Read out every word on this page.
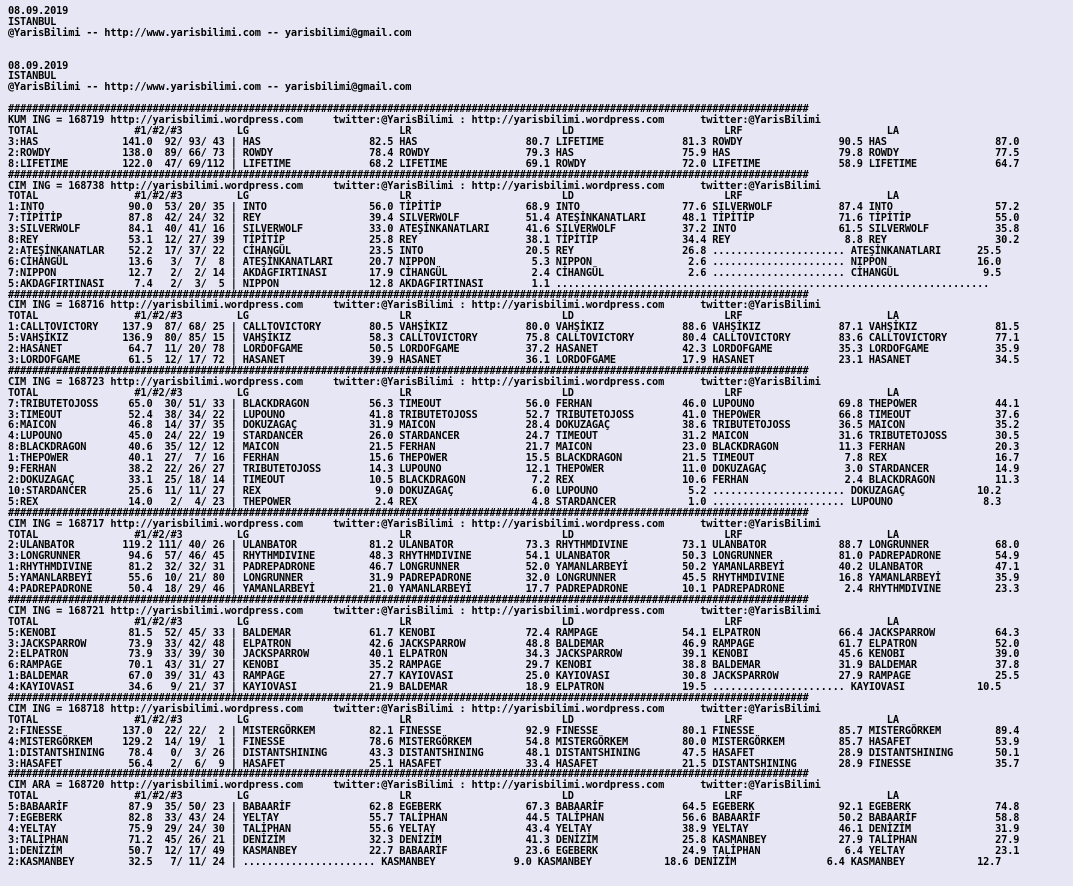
08.09.2019
ISTANBUL
@YarisBilimi -- http://www.yarisbilimi.com -- yarisbilimi@gmail.com

08.09.2019
ISTANBUL
@YarisBilimi -- http://www.yarisbilimi.com -- yarisbilimi@gmail.com

#####################################################################################################################################
KUM ING = 168719 http://yarisbilimi.wordpress.com     twitter:@YarisBilimi : http://yarisbilimi.wordpress.com      twitter:@YarisBilimi
TOTAL                #1/#2/#3         LG                         LR                         LD                         LRF                        LA
3:HAS              141.0  92/ 93/ 43 | HAS                  82.5 HAS                  80.7 LIFETIME             81.3 ROWDY                90.5 HAS                  87.0
2:ROWDY            138.0  89/ 66/ 73 | ROWDY                78.4 ROWDY                79.3 HAS                  75.9 HAS                  79.8 ROWDY                77.5
8:LIFETIME         122.0  47/ 69/112 | LIFETIME             68.2 LIFETIME             69.1 ROWDY                72.0 LIFETIME             58.9 LIFETIME             64.7
#####################################################################################################################################
CIM ING = 168738 http://yarisbilimi.wordpress.com     twitter:@YarisBilimi : http://yarisbilimi.wordpress.com      twitter:@YarisBilimi
TOTAL                #1/#2/#3         LG                         LR                         LD                         LRF                        LA
1:INTO              90.0  53/ 20/ 35 | INTO                 56.0 TİPİTİP              68.9 INTO                 77.6 SILVERWOLF           87.4 INTO                 57.2
7:TİPİTİP           87.8  42/ 24/ 32 | REY                  39.4 SILVERWOLF           51.4 ATEŞİNKANATLARI      48.1 TİPİTİP              71.6 TİPİTİP              55.0
3:SILVERWOLF        84.1  40/ 41/ 16 | SILVERWOLF           33.0 ATEŞİNKANATLARI      41.6 SILVERWOLF           37.2 INTO                 61.5 SILVERWOLF           35.8
8:REY               53.1  12/ 27/ 39 | TİPİTİP              25.8 REY                  38.1 TİPİTİP              34.4 REY                   8.8 REY                  30.2
2:ATEŞİNKANATLAR    52.2  17/ 37/ 22 | CİHANGÜL             23.5 INTO                 20.5 REY                  26.8 ...................... ATEŞİNKANATLARI      25.5
6:CİHANGÜL          13.6   3/  7/  8 | ATEŞİNKANATLARI      20.7 NIPPON                5.3 NIPPON                2.6 ...................... NIPPON               16.0
7:NIPPON            12.7   2/  2/ 14 | AKDAGFIRTINASI       17.9 CİHANGÜL              2.4 CİHANGÜL              2.6 ...................... CİHANGÜL              9.5
5:AKDAGFIRTINASI     7.4   2/  3/  5 | NIPPON               12.8 AKDAGFIRTINASI        1.1 ........................................................................
#####################################################################################################################################
CIM ING = 168716 http://yarisbilimi.wordpress.com     twitter:@YarisBilimi : http://yarisbilimi.wordpress.com      twitter:@YarisBilimi
TOTAL                #1/#2/#3         LG                         LR                         LD                         LRF                        LA
1:CALLTOVICTORY    137.9  87/ 68/ 25 | CALLTOVICTORY        80.5 VAHŞİKIZ             80.0 VAHŞİKIZ             88.6 VAHŞİKIZ             87.1 VAHŞİKIZ             81.5
5:VAHŞİKIZ         136.9  80/ 85/ 15 | VAHŞİKIZ             58.3 CALLTOVICTORY        75.8 CALLTOVICTORY        80.4 CALLTOVICTORY        83.6 CALLTOVICTORY        77.1
2:HASANET           64.7  11/ 20/ 78 | LORDOFGAME           50.5 LORDOFGAME           37.2 HASANET              42.3 LORDOFGAME           35.3 LORDOFGAME           35.9
3:LORDOFGAME        61.5  12/ 17/ 72 | HASANET              39.9 HASANET              36.1 LORDOFGAME           17.9 HASANET              23.1 HASANET              34.5
#####################################################################################################################################
CIM ING = 168723 http://yarisbilimi.wordpress.com     twitter:@YarisBilimi : http://yarisbilimi.wordpress.com      twitter:@YarisBilimi
TOTAL                #1/#2/#3         LG                         LR                         LD                         LRF                        LA
7:TRIBUTETOJOSS     65.0  30/ 51/ 33 | BLACKDRAGON          56.3 TIMEOUT              56.0 FERHAN               46.0 LUPOUNO              69.8 THEPOWER             44.1
3:TIMEOUT           52.4  38/ 34/ 22 | LUPOUNO              41.8 TRIBUTETOJOSS        52.7 TRIBUTETOJOSS        41.0 THEPOWER             66.8 TIMEOUT              37.6
6:MAICON            46.8  14/ 37/ 35 | DOKUZAGAÇ            31.9 MAICON               28.4 DOKUZAGAÇ            38.6 TRIBUTETOJOSS        36.5 MAICON               35.2
4:LUPOUNO           45.0  24/ 22/ 19 | STARDANCER           26.0 STARDANCER           24.7 TIMEOUT              31.2 MAICON               31.6 TRIBUTETOJOSS        30.5
8:BLACKDRAGON       40.6  35/ 12/ 12 | MAICON               21.5 FERHAN               21.7 MAICON               23.0 BLACKDRAGON          11.3 FERHAN               20.3
1:THEPOWER          40.1  27/  7/ 16 | FERHAN               15.6 THEPOWER             15.5 BLACKDRAGON          21.5 TIMEOUT               7.8 REX                  16.7
9:FERHAN            38.2  22/ 26/ 27 | TRIBUTETOJOSS        14.3 LUPOUNO              12.1 THEPOWER             11.0 DOKUZAGAÇ             3.0 STARDANCER           14.9
2:DOKUZAGAÇ         33.1  25/ 18/ 14 | TIMEOUT              10.5 BLACKDRAGON           7.2 REX                  10.6 FERHAN                2.4 BLACKDRAGON          11.3
10:STARDANCER       25.6  11/ 11/ 27 | REX                   9.0 DOKUZAGAÇ             6.0 LUPOUNO               5.2 ...................... DOKUZAGAÇ            10.2
5:REX               14.0   2/  4/ 23 | THEPOWER              2.4 REX                   4.8 STARDANCER            1.0 ...................... LUPOUNO               8.3
#####################################################################################################################################
CIM ING = 168717 http://yarisbilimi.wordpress.com     twitter:@YarisBilimi : http://yarisbilimi.wordpress.com      twitter:@YarisBilimi
TOTAL                #1/#2/#3         LG                         LR                         LD                         LRF                        LA
2:ULANBATOR        119.2 111/ 40/ 26 | ULANBATOR            81.2 ULANBATOR            73.3 RHYTHMDIVINE         73.1 ULANBATOR            88.7 LONGRUNNER           68.0
3:LONGRUNNER        94.6  57/ 46/ 45 | RHYTHMDIVINE         48.3 RHYTHMDIVINE         54.1 ULANBATOR            50.3 LONGRUNNER           81.0 PADREPADRONE         54.9
1:RHYTHMDIVINE      81.2  32/ 32/ 31 | PADREPADRONE         46.7 LONGRUNNER           52.0 YAMANLARBEYİ         50.2 YAMANLARBEYİ         40.2 ULANBATOR            47.1
5:YAMANLARBEYİ      55.6  10/ 21/ 80 | LONGRUNNER           31.9 PADREPADRONE         32.0 LONGRUNNER           45.5 RHYTHMDIVINE         16.8 YAMANLARBEYİ         35.9
4:PADREPADRONE      50.4  18/ 29/ 46 | YAMANLARBEYİ         21.0 YAMANLARBEYİ         17.7 PADREPADRONE         10.1 PADREPADRONE          2.4 RHYTHMDIVINE         23.3
#####################################################################################################################################
CIM ING = 168721 http://yarisbilimi.wordpress.com     twitter:@YarisBilimi : http://yarisbilimi.wordpress.com      twitter:@YarisBilimi
TOTAL                #1/#2/#3         LG                         LR                         LD                         LRF                        LA
5:KENOBI            81.5  52/ 45/ 33 | BALDEMAR             61.7 KENOBI               72.4 RAMPAGE              54.1 ELPATRON             66.4 JACKSPARROW          64.3
3:JACKSPARROW       73.9  33/ 42/ 48 | ELPATRON             42.6 JACKSPARROW          48.8 BALDEMAR             46.9 RAMPAGE              61.7 ELPATRON             52.0
2:ELPATRON          73.9  33/ 39/ 30 | JACKSPARROW          40.1 ELPATRON             34.3 JACKSPARROW          39.1 KENOBI               45.6 KENOBI               39.0
6:RAMPAGE           70.1  43/ 31/ 27 | KENOBI               35.2 RAMPAGE              29.7 KENOBI               38.8 BALDEMAR             31.9 BALDEMAR             37.8
1:BALDEMAR          67.0  39/ 31/ 43 | RAMPAGE              27.7 KAYIOVASI            25.0 KAYIOVASI            30.8 JACKSPARROW          27.9 RAMPAGE              25.5
4:KAYIOVASI         34.6   9/ 21/ 37 | KAYIOVASI            21.9 BALDEMAR             18.9 ELPATRON             19.5 ...................... KAYIOVASI            10.5
#####################################################################################################################################
CIM ING = 168718 http://yarisbilimi.wordpress.com     twitter:@YarisBilimi : http://yarisbilimi.wordpress.com      twitter:@YarisBilimi
TOTAL                #1/#2/#3         LG                         LR                         LD                         LRF                        LA
2:FINESSE          137.0  22/ 22/  2 | MISTERGÖRKEM         82.1 FINESSE              92.9 FINESSE              80.1 FINESSE              85.7 MISTERGÖRKEM         89.4
4:MISTERGÖRKEM     129.2  14/ 19/  1 | FINESSE              78.6 MISTERGÖRKEM         54.8 MISTERGÖRKEM         80.0 MISTERGÖRKEM         85.7 HASAFET              53.9
1:DISTANTSHINING    78.4   0/  3/ 26 | DISTANTSHINING       43.3 DISTANTSHINING       48.1 DISTANTSHINING       47.5 HASAFET              28.9 DISTANTSHINING       50.1
3:HASAFET           56.4   2/  6/  9 | HASAFET              25.1 HASAFET              33.4 HASAFET              21.5 DISTANTSHINING       28.9 FINESSE              35.7
#####################################################################################################################################
CIM ARA = 168720 http://yarisbilimi.wordpress.com     twitter:@YarisBilimi : http://yarisbilimi.wordpress.com      twitter:@YarisBilimi
TOTAL                #1/#2/#3         LG                         LR                         LD                         LRF                        LA
5:BABAARİF          87.9  35/ 50/ 23 | BABAARİF             62.8 EGEBERK              67.3 BABAARİF             64.5 EGEBERK              92.1 EGEBERK              74.8
7:EGEBERK           82.8  33/ 43/ 24 | YELTAY               55.7 TALİPHAN             44.5 TALİPHAN             56.6 BABAARİF             50.2 BABAARİF             58.8
4:YELTAY            75.9  29/ 24/ 30 | TALİPHAN             55.6 YELTAY               43.4 YELTAY               38.9 YELTAY               46.1 DENİZİM              31.9
3:TALİPHAN          71.2  45/ 26/ 21 | DENİZİM              32.3 DENİZİM              41.3 DENİZİM              25.8 KASMANBEY            27.9 TALİPHAN             27.9
1:DENİZİM           50.7  12/ 17/ 49 | KASMANBEY            22.7 BABAARİF             23.6 EGEBERK              24.9 TALİPHAN              6.4 YELTAY               23.1
2:KASMANBEY         32.5   7/ 11/ 24 | ...................... KASMANBEY             9.0 KASMANBEY            18.6 DENİZİM               6.4 KASMANBEY            12.7
